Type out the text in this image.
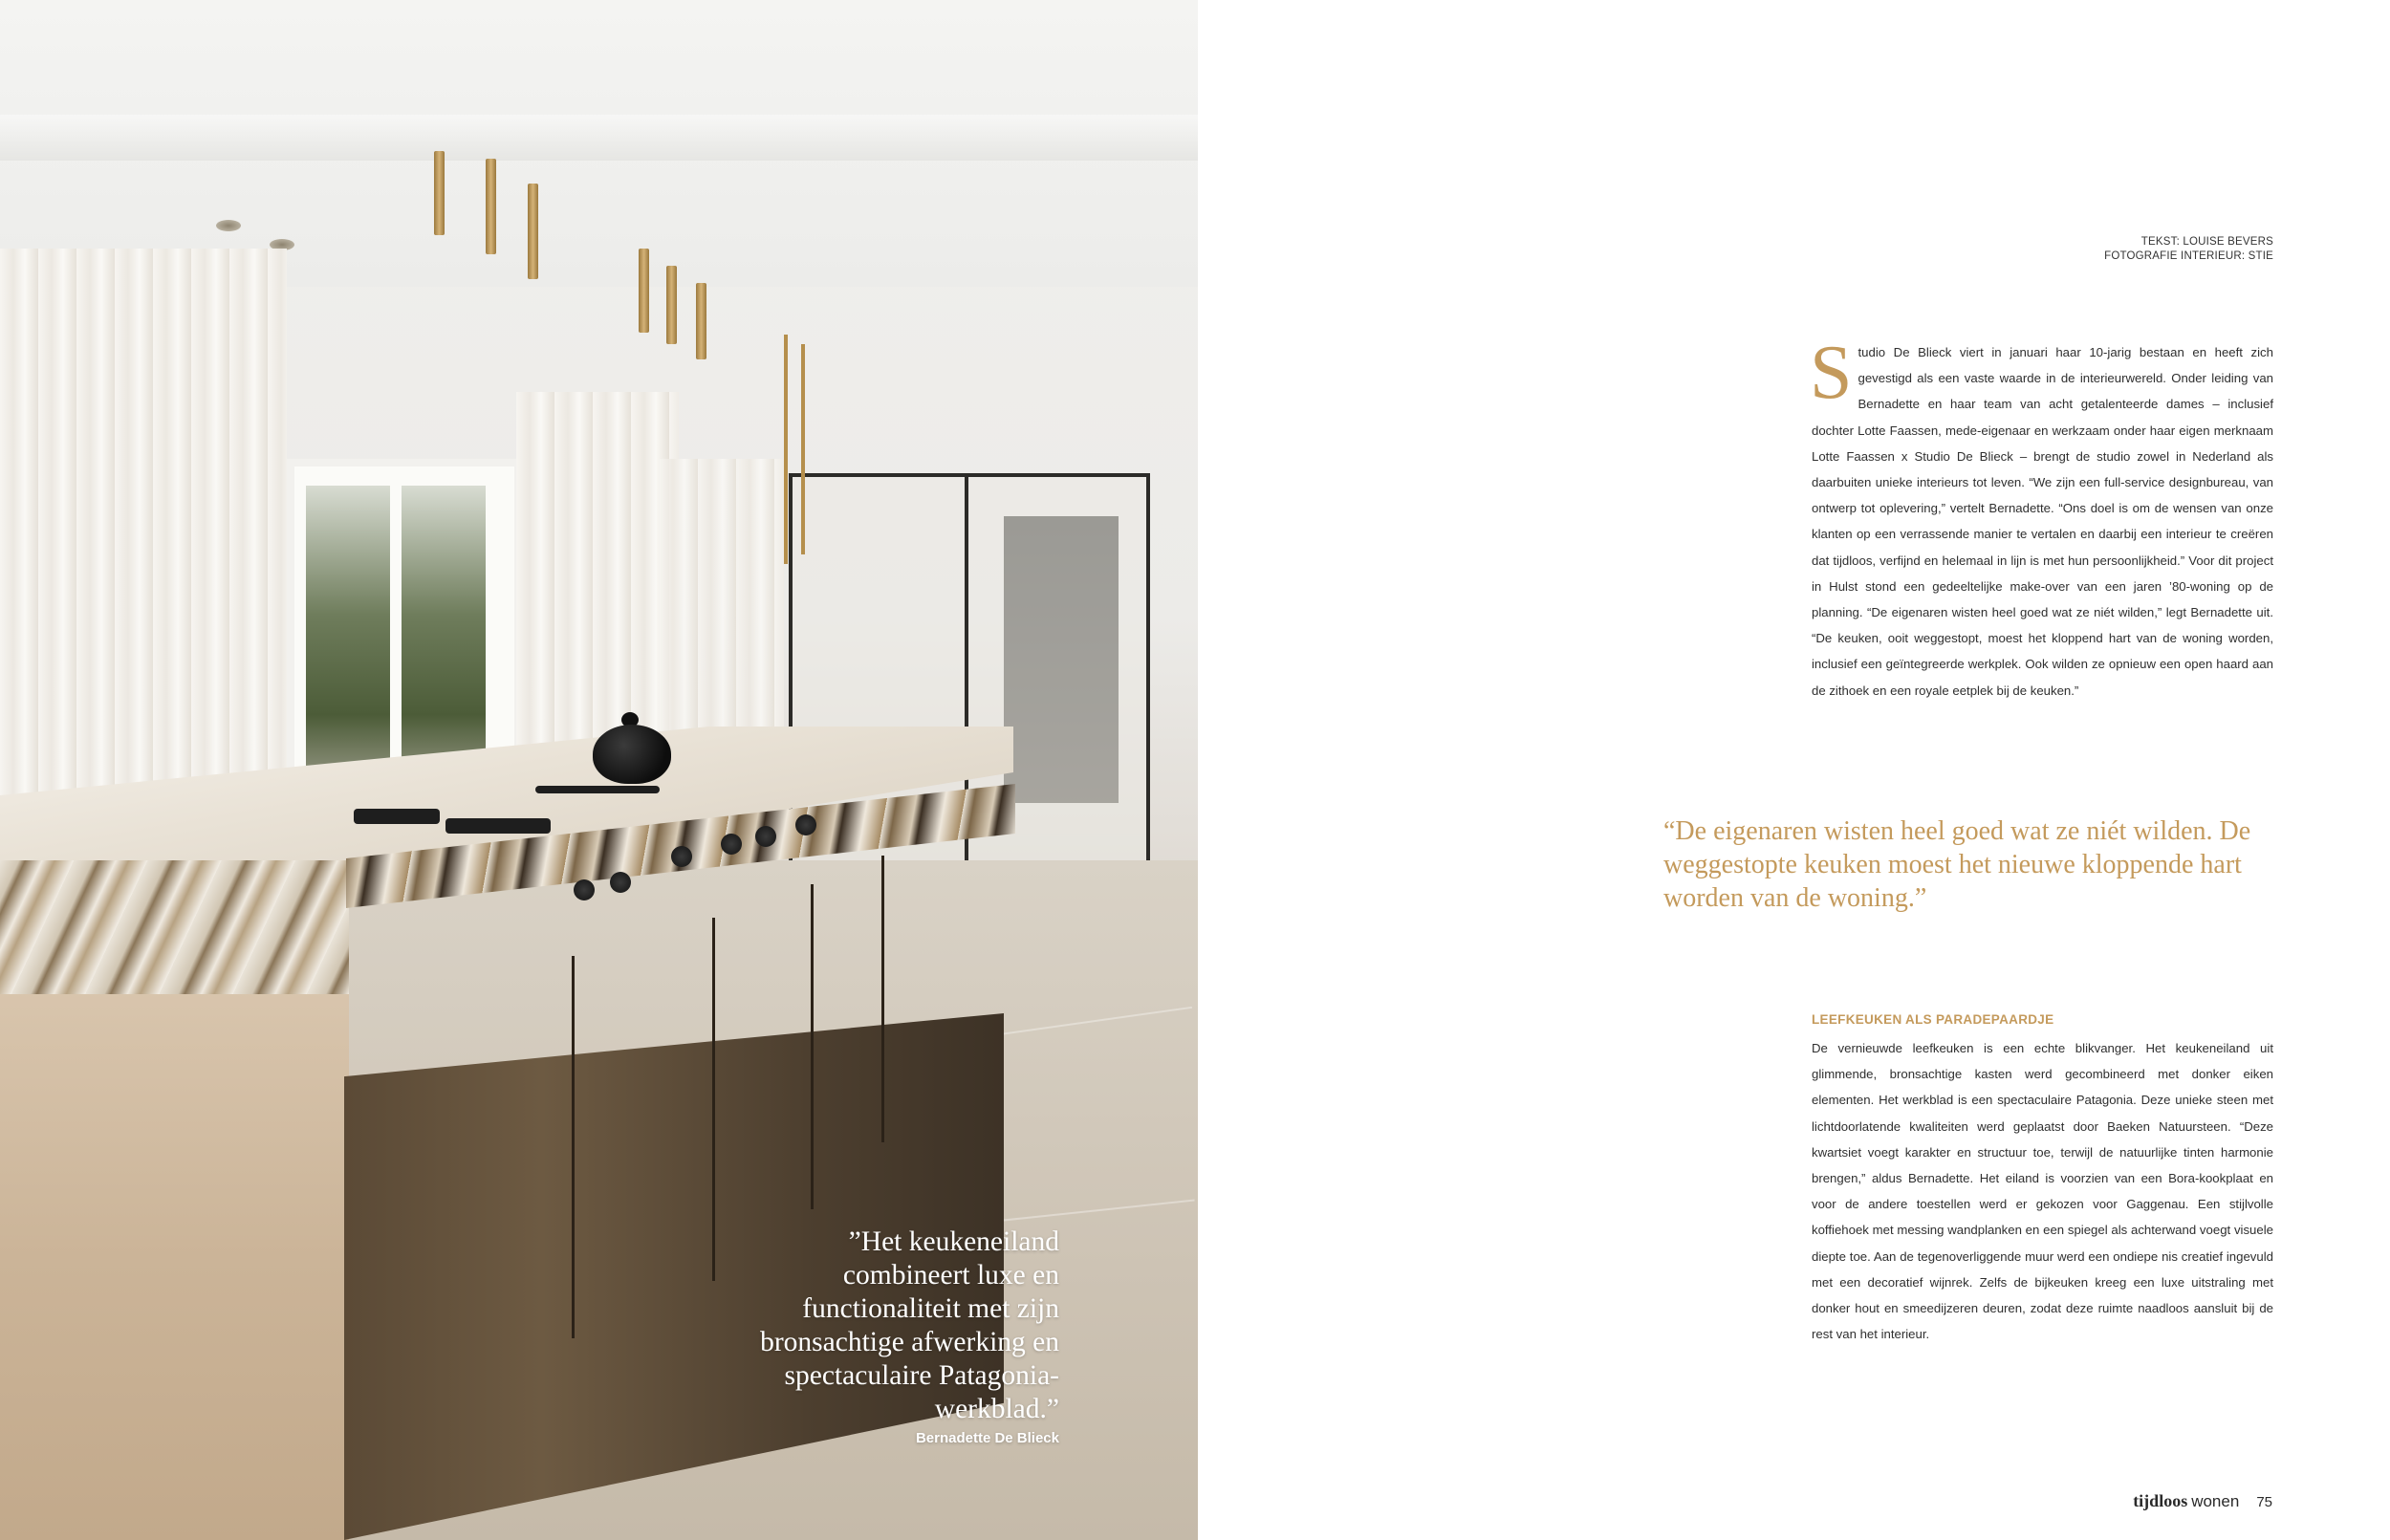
”Het keukeneiland combineert luxe en functionaliteit met zijn bronsachtige afwerking en spectaculaire Patagonia-werkblad.”
Bernadette De Blieck
TEKST: LOUISE BEVERS
FOTOGRAFIE INTERIEUR: STIE
Studio De Blieck viert in januari haar 10-jarig bestaan en heeft zich gevestigd als een vaste waarde in de interieurwereld. Onder leiding van Bernadette en haar team van acht getalenteerde dames – inclusief dochter Lotte Faassen, mede-eigenaar en werkzaam onder haar eigen merknaam Lotte Faassen x Studio De Blieck – brengt de studio zowel in Nederland als daarbuiten unieke interieurs tot leven. “We zijn een full-service designbureau, van ontwerp tot oplevering,” vertelt Bernadette. “Ons doel is om de wensen van onze klanten op een verrassende manier te vertalen en daarbij een interieur te creëren dat tijdloos, verfijnd en helemaal in lijn is met hun persoonlijkheid.” Voor dit project in Hulst stond een gedeeltelijke make-over van een jaren ’80-woning op de planning. “De eigenaren wisten heel goed wat ze niét wilden,” legt Bernadette uit. “De keuken, ooit weggestopt, moest het kloppend hart van de woning worden, inclusief een geïntegreerde werkplek. Ook wilden ze opnieuw een open haard aan de zithoek en een royale eetplek bij de keuken.”
“De eigenaren wisten heel goed wat ze niét wilden. De weggestopte keuken moest het nieuwe kloppende hart worden van de woning.”
LEEFKEUKEN ALS PARADEPAARDJE
De vernieuwde leefkeuken is een echte blikvanger. Het keukeneiland uit glimmende, bronsachtige kasten werd gecombineerd met donker eiken elementen. Het werkblad is een spectaculaire Patagonia. Deze unieke steen met lichtdoorlatende kwaliteiten werd geplaatst door Baeken Natuursteen. “Deze kwartsiet voegt karakter en structuur toe, terwijl de natuurlijke tinten harmonie brengen,” aldus Bernadette. Het eiland is voorzien van een Bora-kookplaat en voor de andere toestellen werd er gekozen voor Gaggenau. Een stijlvolle koffiehoek met messing wandplanken en een spiegel als achterwand voegt visuele diepte toe. Aan de tegenoverliggende muur werd een ondiepe nis creatief ingevuld met een decoratief wijnrek. Zelfs de bijkeuken kreeg een luxe uitstraling met donker hout en smeedijzeren deuren, zodat deze ruimte naadloos aansluit bij de rest van het interieur.
tijdloos wonen 75
